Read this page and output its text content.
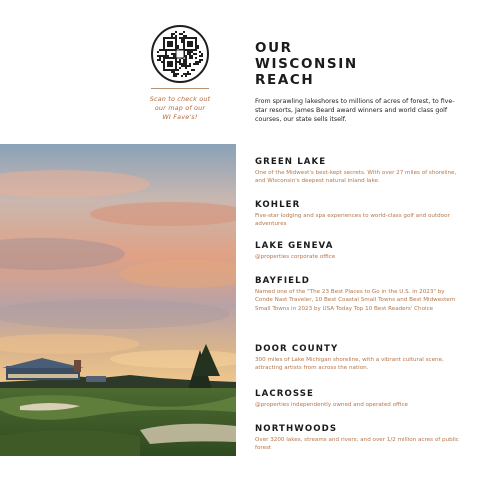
Scan to check out
our map of our
WI Fave's!
OUR
WISCONSIN
REACH

From sprawling lakeshores to millions of acres of forest, to five-star resorts, James Beard award winners and world class golf courses, our state sells itself.

GREEN LAKE
One of the Midwest's best-kept secrets. With over 27 miles of shoreline, and Wisconsin's deepest natural inland lake.
KOHLER
Five-star lodging and spa experiences to world-class golf and outdoor adventures
LAKE GENEVA
@properties corporate office
BAYFIELD
Named one of the "The 23 Best Places to Go in the U.S. in 2023" by Conde Nast Traveler, 10 Best Coastal Small Towns and Best Midwestern Small Towns in 2023 by USA Today Top 10 Best Readers' Choice
DOOR COUNTY
300 miles of Lake Michigan shoreline, with a vibrant cultural scene, attracting artists from across the nation.
LACROSSE
@properties independently owned and operated office
NORTHWOODS
Over 3200 lakes, streams and rivers; and over 1/2 million acres of public forest
